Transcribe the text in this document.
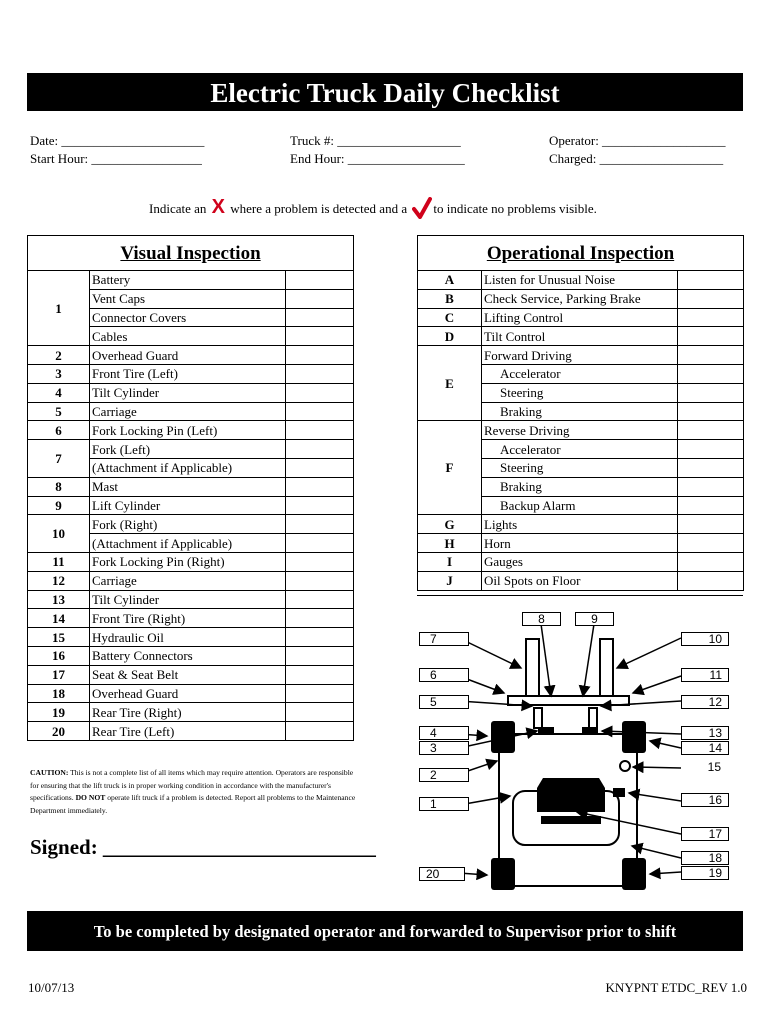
Electric Truck Daily Checklist
Date: ______________________
Start Hour: _________________
Truck #: ___________________
End Hour: __________________
Operator: ___________________
Charged: ___________________
Indicate an X where a problem is detected and a to indicate no problems visible.
Visual Inspection		
1	Battery	
	Vent Caps	
	Connector Covers	
	Cables	
2	Overhead Guard	
3	Front Tire (Left)	
4	Tilt Cylinder	
5	Carriage	
6	Fork Locking Pin (Left)	
7	Fork (Left)	
	(Attachment if Applicable)	
8	Mast	
9	Lift Cylinder	
10	Fork (Right)	
	(Attachment if Applicable)	
11	Fork Locking Pin (Right)	
12	Carriage	
13	Tilt Cylinder	
14	Front Tire (Right)	
15	Hydraulic Oil	
16	Battery Connectors	
17	Seat & Seat Belt	
18	Overhead Guard	
19	Rear Tire (Right)	
20	Rear Tire (Left)	
Operational Inspection		
A	Listen for Unusual Noise	
B	Check Service, Parking Brake	
C	Lifting Control	
D	Tilt Control	
E	Forward Driving	
	Accelerator	
	Steering	
	Braking	
F	Reverse Driving	
	Accelerator	
	Steering	
	Braking	
	Backup Alarm	
G	Lights	
H	Horn	
I	Gauges	
J	Oil Spots on Floor	
CAUTION: This is not a complete list of all items which may require attention. Operators are responsible for ensuring that the lift truck is in proper working condition in accordance with the manufacturer's specifications. DO NOT operate lift truck if a problem is detected. Report all problems to the Maintenance Department immediately.
Signed: __________________________
8	9
7
6
5
4
3
2
1
20
10
11
12
13
14
15
16
17
18
19
To be completed by designated operator and forwarded to Supervisor prior to shift
10/07/13	KNYPNT ETDC_REV 1.0
